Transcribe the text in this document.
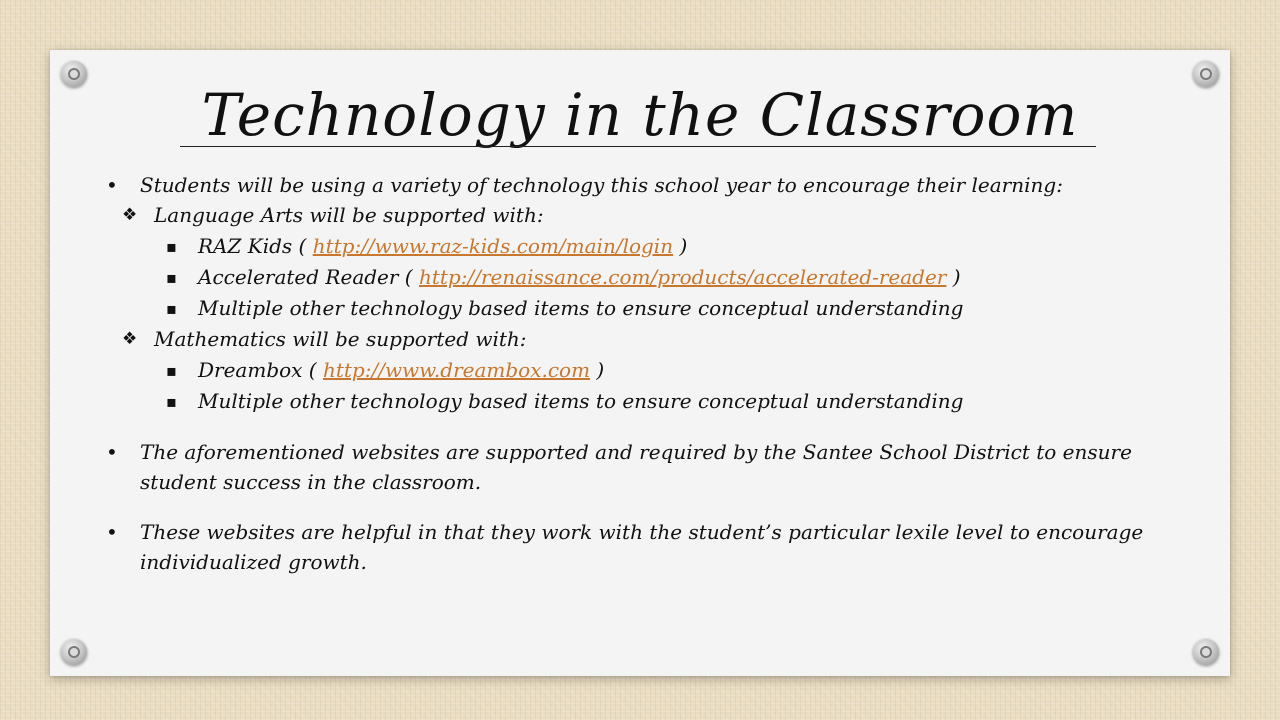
Technology in the Classroom
• Students will be using a variety of technology this school year to encourage their learning:
❖ Language Arts will be supported with:
▪ RAZ Kids ( http://www.raz-kids.com/main/login )
▪ Accelerated Reader ( http://renaissance.com/products/accelerated-reader )
▪ Multiple other technology based items to ensure conceptual understanding
❖ Mathematics will be supported with:
▪ Dreambox ( http://www.dreambox.com )
▪ Multiple other technology based items to ensure conceptual understanding
• The aforementioned websites are supported and required by the Santee School District to ensure student success in the classroom.
• These websites are helpful in that they work with the student’s particular lexile level to encourage individualized growth.
